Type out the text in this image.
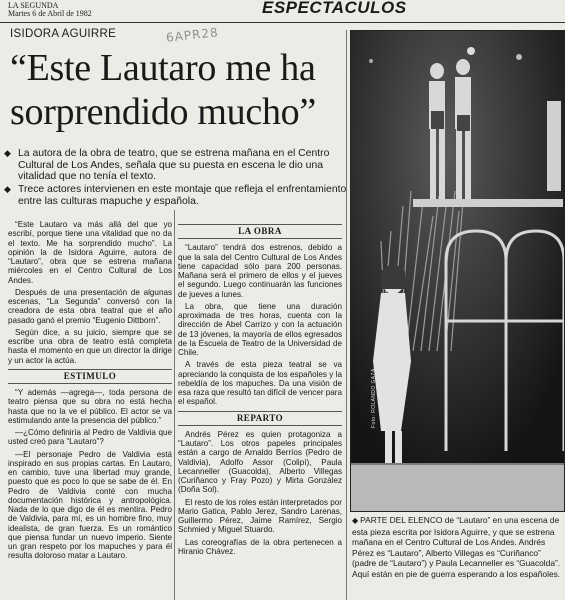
LA SEGUNDA
Martes 6 de Abril de 1982	ESPECTACULOS
ISIDORA AGUIRRE	6APR28
“Este Lautaro me ha sorprendido mucho”
◆ La autora de la obra de teatro, que se estrena mañana en el Centro Cultural de Los Andes, señala que su puesta en escena le dio una vitalidad que no tenía el texto.
◆ Trece actores intervienen en este montaje que refleja el enfrentamiento entre las culturas mapuche y española.

“Este Lautaro va más allá del que yo escribí, porque tiene una vitalidad que no da el texto. Me ha sorprendido mucho”. La opinión la de Isidora Aguirre, autora de “Lautaro”, obra que se estrena mañana miércoles en el Centro Cultural de Los Andes.

Después de una presentación de algunas escenas, “La Segunda” conversó con la creadora de esta obra teatral que el año pasado ganó el premio “Eugenio Dittborn”.

Según dice, a su juicio, siempre que se escribe una obra de teatro está completa hasta el momento en que un director la dirige y un actor la actúa.

ESTIMULO

“Y además —agrega—, toda persona de teatro piensa que su obra no está hecha hasta que no la ve el público. El actor se va estimulando ante la presencia del público.”

—¿Cómo definiría al Pedro de Valdivia que usted creó para “Lautaro”?

—El personaje Pedro de Valdivia está inspirado en sus propias cartas. En Lautaro, en cambio, tuve una libertad muy grande, puesto que es poco lo que se sabe de él. En Pedro de Valdivia conté con mucha documentación histórica y antropológica. Nada de lo que digo de él es mentira. Pedro de Valdivia, para mí, es un hombre fino, muy idealista, de gran fuerza. Es un romántico que piensa fundar un nuevo imperio. Siente un gran respeto por los mapuches y para él resulta doloroso matar a Lautaro.

LA OBRA

“Lautaro” tendrá dos estrenos, debido a que la sala del Centro Cultural de Los Andes tiene capacidad sólo para 200 personas. Mañana será el primero de ellos y el jueves el segundo. Luego continuarán las funciones de jueves a lunes.

La obra, que tiene una duración aproximada de tres horas, cuenta con la dirección de Abel Carrizo y con la actuación de 13 jóvenes, la mayoría de ellos egresados de la Escuela de Teatro de la Universidad de Chile.

A través de esta pieza teatral se va apreciando la conquista de los españoles y la rebeldía de los mapuches. Da una visión de esa raza que resultó tan difícil de vencer para el español.

REPARTO

Andrés Pérez es quien protagoniza a “Lautaro”. Los otros papeles principales están a cargo de Arnaldo Berríos (Pedro de Valdivia), Adolfo Assor (Colipí), Paula Lecanneller (Guacolda), Alberto Villegas (Curiñanco y Fray Pozo) y Mirta González (Doña Sol).

El resto de los roles están interpretados por Mario Gatica, Pablo Jerez, Sandro Larenas, Guillermo Pérez, Jaime Ramírez, Sergio Schmied y Miguel Stuardo.

Las coreografías de la obra pertenecen a Hiranio Chávez.

Foto: ROLANDO GAZA
◆ PARTE DEL ELENCO de “Lautaro” en una escena de esta pieza escrita por Isidora Aguirre, y que se estrena mañana en el Centro Cultural de Los Andes. Andrés Pérez es “Lautaro”, Alberto Villegas es “Curiñanco” (padre de “Lautaro”) y Paula Lecanneller es “Guacolda”. Aquí están en pie de guerra esperando a los españoles.
